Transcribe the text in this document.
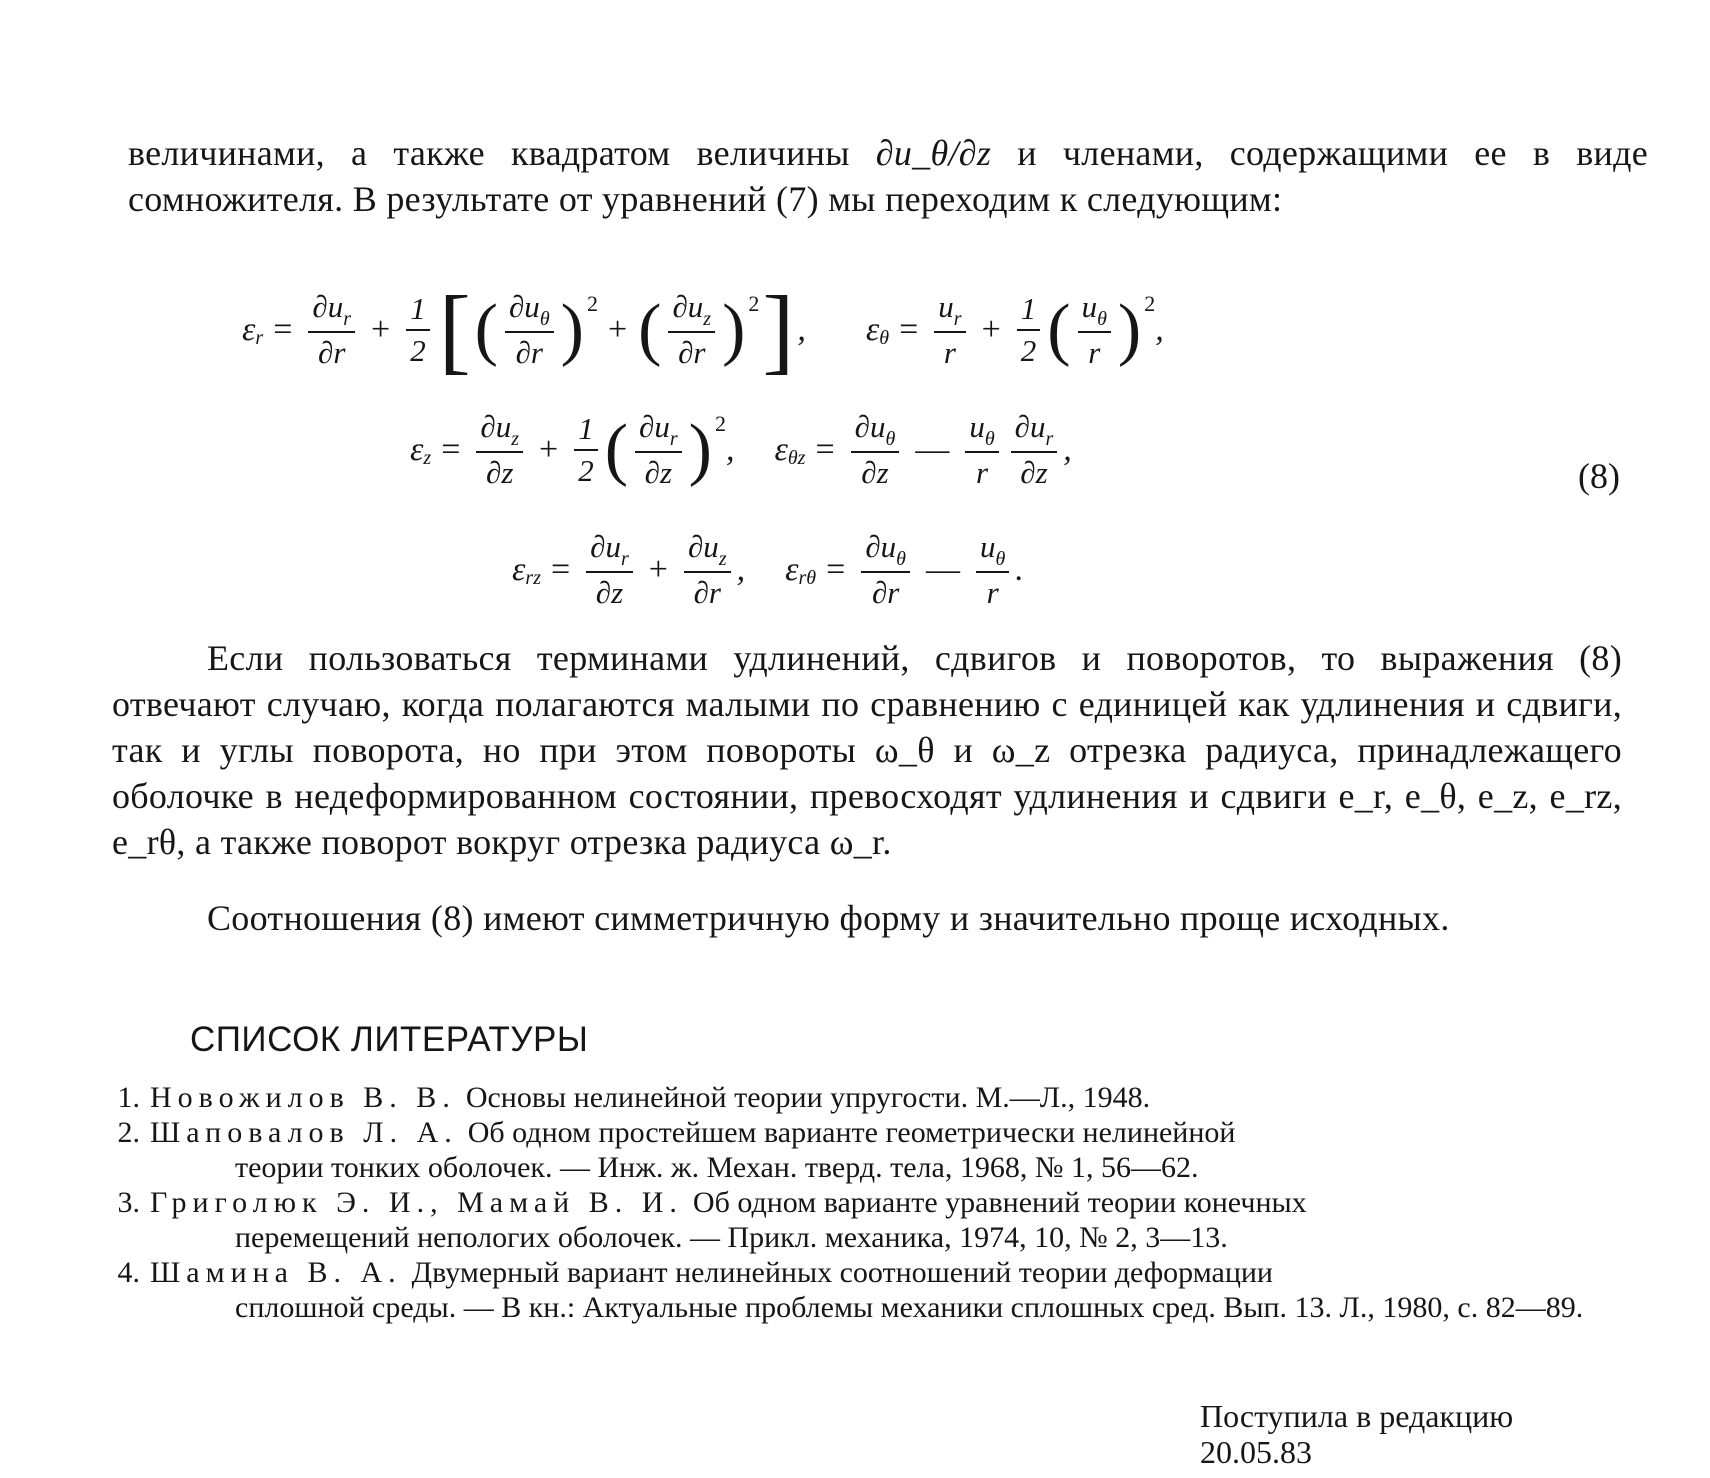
величинами, а также квадратом величины ∂u_θ/∂z и членами, содержащими ее в виде сомножителя. В результате от уравнений (7) мы переходим к следующим:

ε $r = \frac{\partial u_r}{\partial r} + \frac{1}{2}$ [ ( $\frac{\partial u_\theta}{\partial r}$ ) 2
+ ( $\frac{\partial u_z}{\partial r}$ ) 2 ] , ε $\theta = \frac{u_r}{r} + \frac{1}{2}$ ( $\frac{u_\theta}{r}$ ) 2
,
ε $z = \frac{\partial u_z}{\partial z} + \frac{1}{2}$ ( $\frac{\partial u_r}{\partial z}$ ) 2
, ε $\theta z = \frac{\partial u_\theta}{\partial z}$ — $\frac{u_\theta}{r} \frac{\partial u_r}{\partial z}$ ,
(8)
ε rz = $\frac{\partial u_r}{\partial z} + \frac{\partial u_z}{\partial r}$ , ε $r\theta = \frac{\partial u_\theta}{\partial r}$ — $\frac{u_\theta}{r}$ .

Если пользоваться терминами удлинений, сдвигов и поворотов, то выражения (8) отвечают случаю, когда полагаются малыми по сравнению с единицей как удлинения и сдвиги, так и углы поворота, но при этом повороты ω_θ и ω_z отрезка радиуса, принадлежащего оболочке в недеформированном состоянии, превосходят удлинения и сдвиги e_r, e_θ, e_z, e_rz, e_rθ, а также поворот вокруг отрезка радиуса ω_r.

Соотношения (8) имеют симметричную форму и значительно проще исходных.

СПИСОК ЛИТЕРАТУРЫ
1. Новожилов В. В. Основы нелинейной теории упругости. М.—Л., 1948.
2. Шаповалов Л. А. Об одном простейшем варианте геометрически нелинейной
теории тонких оболочек. — Инж. ж. Механ. тверд. тела, 1968, № 1, 56—62.
3. Григолюк Э. И., Мамай В. И. Об одном варианте уравнений теории конечных
перемещений непологих оболочек. — Прикл. механика, 1974, 10, № 2, 3—13.
4. Шамина В. А. Двумерный вариант нелинейных соотношений теории деформации
сплошной среды. — В кн.: Актуальные проблемы механики сплошных сред. Вып. 13. Л., 1980, с. 82—89.
Поступила в редакцию
20.05.83
